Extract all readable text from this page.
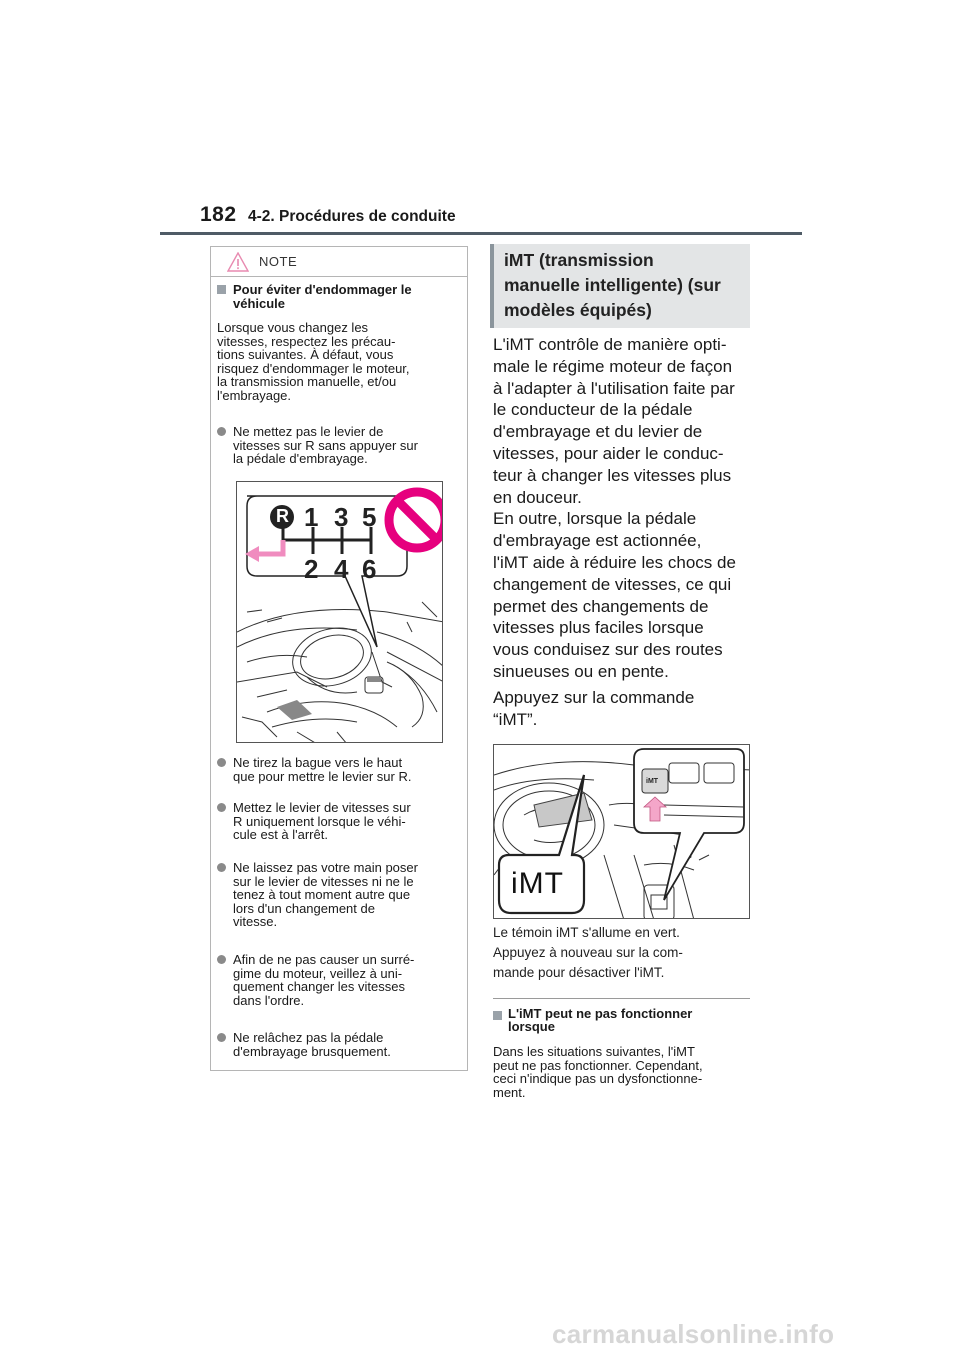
182 4-2. Procédures de conduite
NOTE
Pour éviter d'endommager le véhicule
Lorsque vous changez les
vitesses, respectez les précau-
tions suivantes. À défaut, vous
risquez d'endommager le moteur,
la transmission manuelle, et/ou
l'embrayage.
Ne mettez pas le levier de
vitesses sur R sans appuyer sur
la pédale d'embrayage.
R 1 3 5
2 4 6
Ne tirez la bague vers le haut
que pour mettre le levier sur R.
Mettez le levier de vitesses sur
R uniquement lorsque le véhi-
cule est à l'arrêt.
Ne laissez pas votre main poser
sur le levier de vitesses ni ne le
tenez à tout moment autre que
lors d'un changement de
vitesse.
Afin de ne pas causer un surré-
gime du moteur, veillez à uni-
quement changer les vitesses
dans l'ordre.
Ne relâchez pas la pédale
d'embrayage brusquement.
iMT (transmission
manuelle intelligente) (sur
modèles équipés)
L'iMT contrôle de manière opti-
male le régime moteur de façon
à l'adapter à l'utilisation faite par
le conducteur de la pédale
d'embrayage et du levier de
vitesses, pour aider le conduc-
teur à changer les vitesses plus
en douceur.
En outre, lorsque la pédale
d'embrayage est actionnée,
l'iMT aide à réduire les chocs de
changement de vitesses, ce qui
permet des changements de
vitesses plus faciles lorsque
vous conduisez sur des routes
sinueuses ou en pente.
Appuyez sur la commande
“iMT”.
iMT
iMT
Le témoin iMT s'allume en vert.
Appuyez à nouveau sur la com-
mande pour désactiver l'iMT.
L'iMT peut ne pas fonctionner
lorsque
Dans les situations suivantes, l'iMT
peut ne pas fonctionner. Cependant,
ceci n'indique pas un dysfonctionne-
ment.
carmanualsonline.info
